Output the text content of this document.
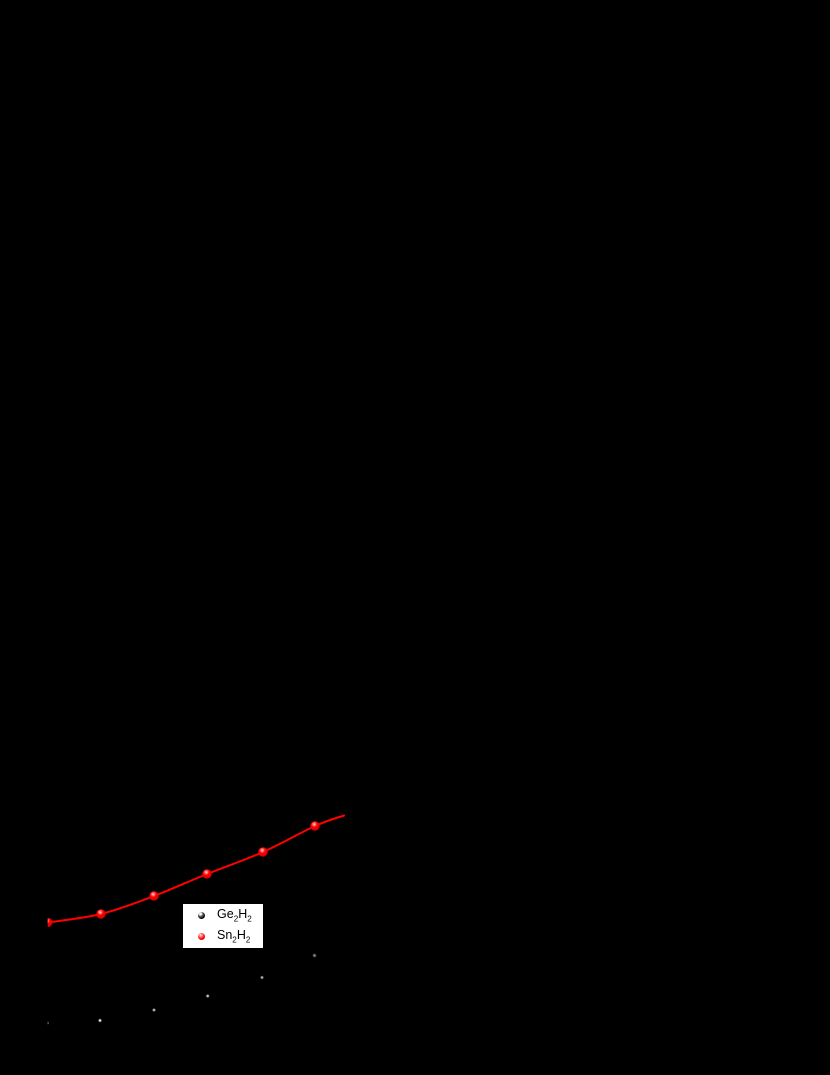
$Ge_2H_2$
$Sn_2H_2$
